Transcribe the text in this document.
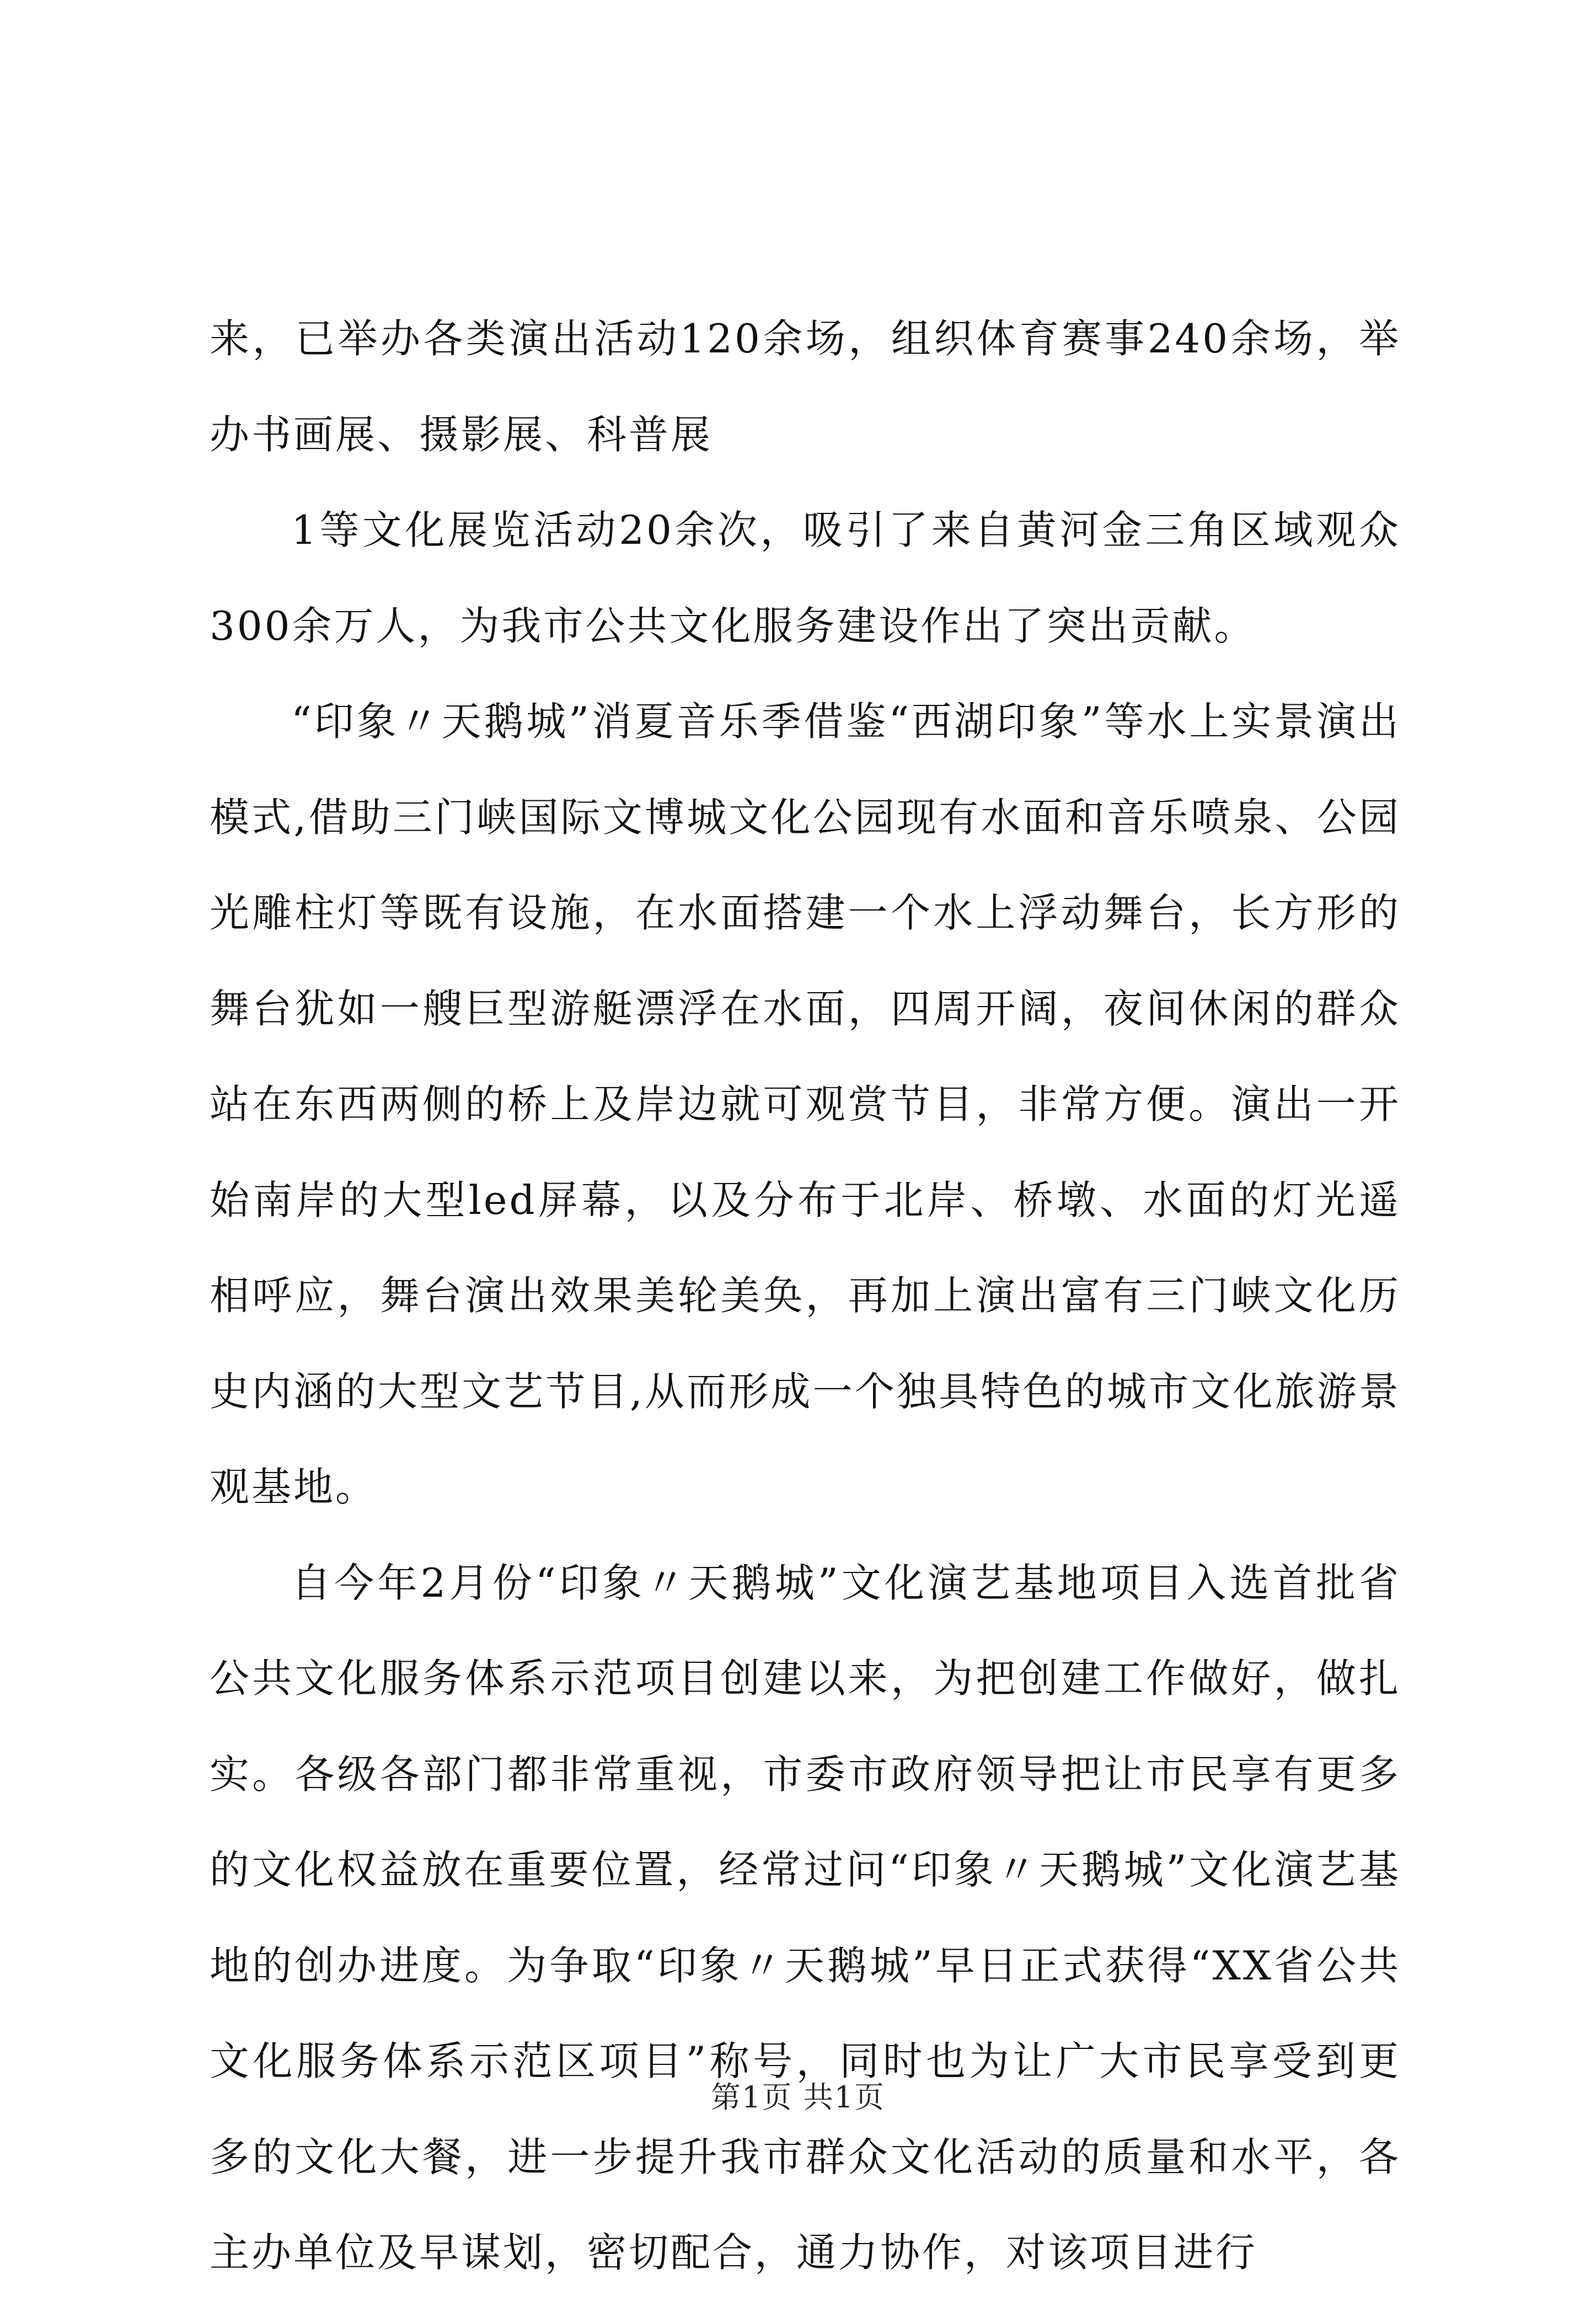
来，已举办各类演出活动120余场，组织体育赛事240余场，举办书画展、摄影展、科普展

1等文化展览活动20余次，吸引了来自黄河金三角区域观众300余万人，为我市公共文化服务建设作出了突出贡献。

“印象〃天鹅城”消夏音乐季借鉴“西湖印象”等水上实景演出模式,借助三门峡国际文博城文化公园现有水面和音乐喷泉、公园光雕柱灯等既有设施，在水面搭建一个水上浮动舞台，长方形的舞台犹如一艘巨型游艇漂浮在水面，四周开阔，夜间休闲的群众站在东西两侧的桥上及岸边就可观赏节目，非常方便。演出一开始南岸的大型led屏幕，以及分布于北岸、桥墩、水面的灯光遥相呼应，舞台演出效果美轮美奂，再加上演出富有三门峡文化历史内涵的大型文艺节目,从而形成一个独具特色的城市文化旅游景观基地。

自今年2月份“印象〃天鹅城”文化演艺基地项目入选首批省公共文化服务体系示范项目创建以来，为把创建工作做好，做扎实。各级各部门都非常重视，市委市政府领导把让市民享有更多的文化权益放在重要位置，经常过问“印象〃天鹅城”文化演艺基地的创办进度。为争取“印象〃天鹅城”早日正式获得“XX省公共文化服务体系示范区项目”称号，同时也为让广大市民享受到更多的文化大餐，进一步提升我市群众文化活动的质量和水平，各主办单位及早谋划，密切配合，通力协作，对该项目进行

第1页 共1页
